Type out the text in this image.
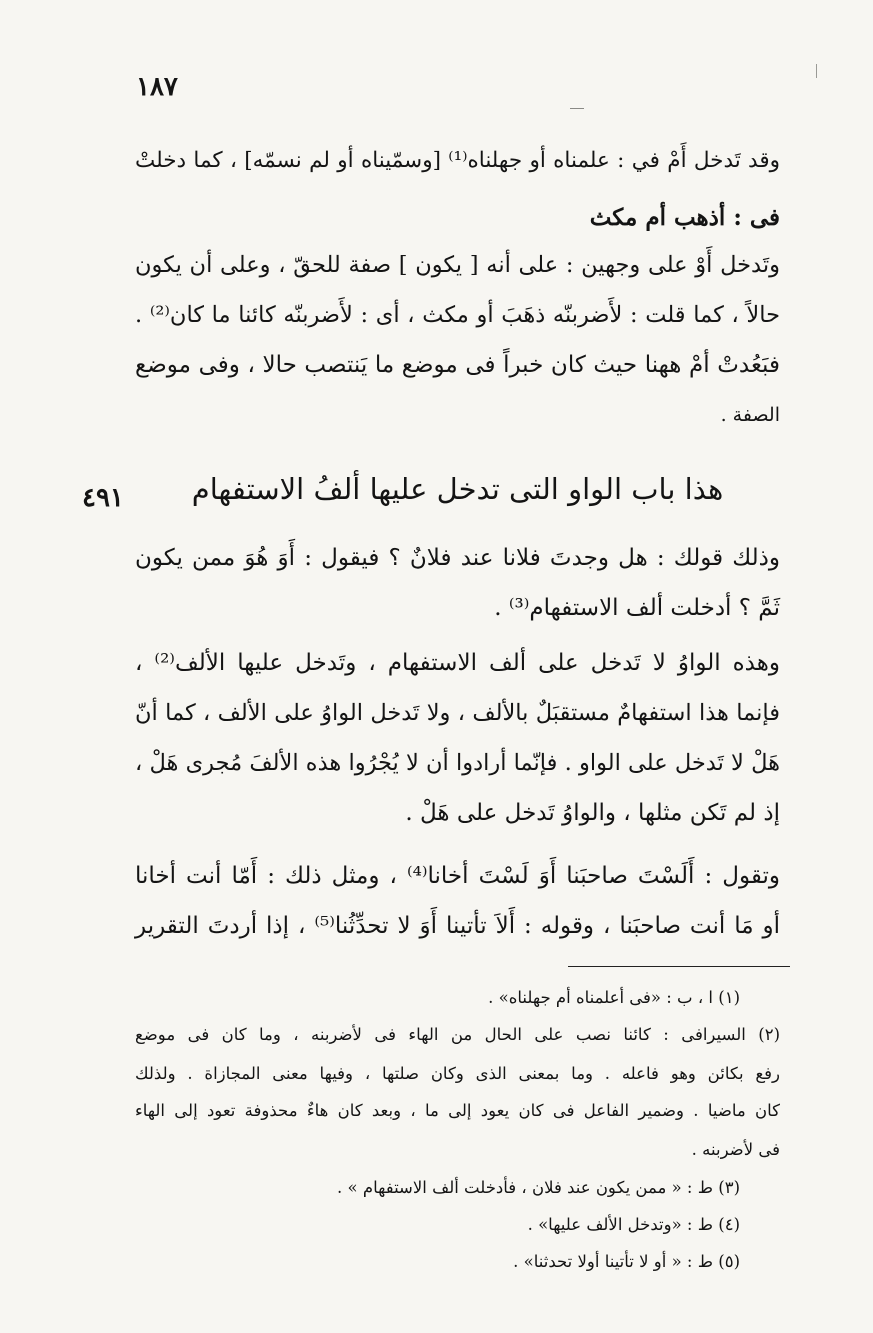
١٨٧

وقد تَدخل أَمْ في : علمناه أو جهلناه⁽¹⁾ [وسمّيناه أو لم نسمّه] ، كما دخلتْ

فى : أذهب أم مكث

وتَدخل أَوْ على وجهين : على أنه [ يكون ] صفة للحقّ ، وعلى أن يكون

حالاً ، كما قلت : لأَضربنّه ذهَبَ أو مكث ، أى : لأَضربنّه كائنا ما كان⁽²⁾ .

فبَعُدتْ أمْ ههنا حيث كان خبراً فى موضع ما يَنتصب حالا ، وفى موضع

الصفة .

٤٩١ هذا باب الواو التى تدخل عليها ألفُ الاستفهام

وذلك قولك : هل وجدتَ فلانا عند فلانٌ ؟ فيقول : أَوَ هُوَ ممن يكون

ثَمَّ ؟ أدخلت ألف الاستفهام⁽³⁾ .

وهذه الواوُ لا تَدخل على ألف الاستفهام ، وتَدخل عليها الألف⁽²⁾ ،

فإنما هذا استفهامٌ مستقبَلٌ بالألف ، ولا تَدخل الواوُ على الألف ، كما أنّ

هَلْ لا تَدخل على الواو . فإنّما أرادوا أن لا يُجْرُوا هذه الألفَ مُجرى هَلْ ،

إذ لم تَكن مثلها ، والواوُ تَدخل على هَلْ .

وتقول : أَلَسْتَ صاحبَنا أَوَ لَسْتَ أخانا⁽⁴⁾ ، ومثل ذلك : أَمّا أنت أخانا

أو مَا أنت صاحبَنا ، وقوله : أَلاَ تأتينا أَوَ لا تحدِّثُنا⁽⁵⁾ ، إذا أردتَ التقرير

(١) ا ، ب : «فى أعلمناه أم جهلناه» .

(٢) السيرافى : كائنا نصب على الحال من الهاء فى لأضربنه ، وما كان فى موضع

رفع بكائن وهو فاعله . وما بمعنى الذى وكان صلتها ، وفيها معنى المجازاة . ولذلك

كان ماضيا . وضمير الفاعل فى كان يعود إلى ما ، وبعد كان هاءٌ محذوفة تعود إلى الهاء

فى لأضربنه .

(٣) ط : « ممن يكون عند فلان ، فأدخلت ألف الاستفهام » .

(٤) ط : «وتدخل الألف عليها» .

(٥) ط : « أو لا تأتينا أولا تحدثنا» .
